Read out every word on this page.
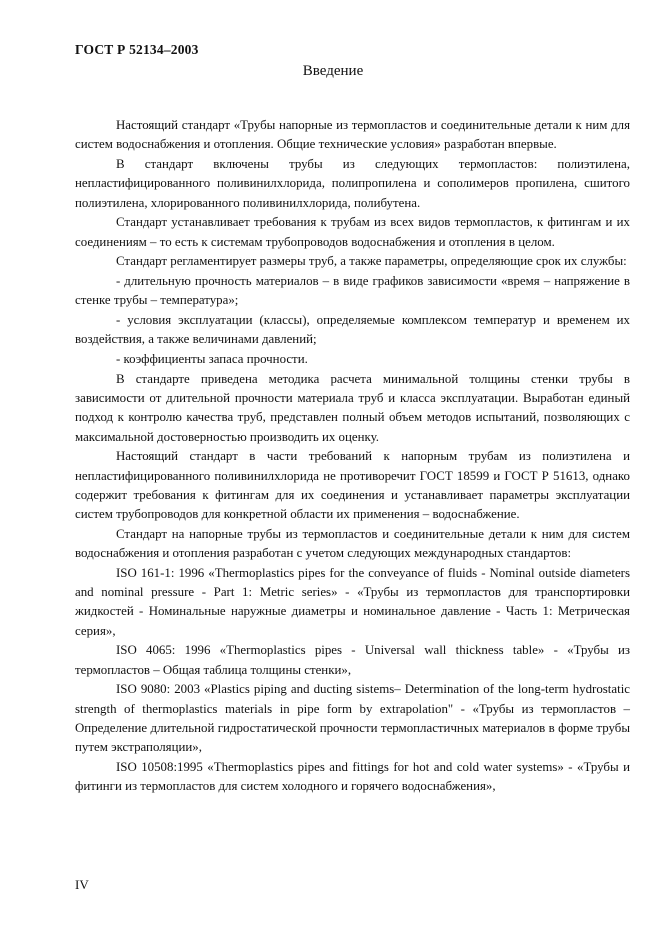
ГОСТ Р 52134–2003
Введение

Настоящий стандарт «Трубы напорные из термопластов и соединительные детали к ним для систем водоснабжения и отопления. Общие технические условия» разработан впервые.

В стандарт включены трубы из следующих термопластов: полиэтилена, непластифицированного поливинилхлорида, полипропилена и сополимеров пропилена, сшитого полиэтилена, хлорированного поливинилхлорида, полибутена.

Стандарт устанавливает требования к трубам из всех видов термопластов, к фитингам и их соединениям – то есть к системам трубопроводов водоснабжения и отопления в целом.

Стандарт регламентирует размеры труб, а также параметры, определяющие срок их службы:

- длительную прочность материалов – в виде графиков зависимости «время – напряжение в стенке трубы – температура»;

- условия эксплуатации (классы), определяемые комплексом температур и временем их воздействия, а также величинами давлений;

- коэффициенты запаса прочности.

В стандарте приведена методика расчета минимальной толщины стенки трубы в зависимости от длительной прочности материала труб и класса эксплуатации. Выработан единый подход к контролю качества труб, представлен полный объем методов испытаний, позволяющих с максимальной достоверностью производить их оценку.

Настоящий стандарт в части требований к напорным трубам из полиэтилена и непластифицированного поливинилхлорида не противоречит ГОСТ 18599 и ГОСТ Р 51613, однако содержит требования к фитингам для их соединения и устанавливает параметры эксплуатации систем трубопроводов для конкретной области их применения – водоснабжение.

Стандарт на напорные трубы из термопластов и соединительные детали к ним для систем водоснабжения и отопления разработан с учетом следующих международных стандартов:

ISO 161-1: 1996 «Thermoplastics pipes for the conveyance of fluids - Nominal outside diameters and nominal pressure - Part 1: Metric series» - «Трубы из термопластов для транспортировки жидкостей - Номинальные наружные диаметры и номинальное давление - Часть 1: Метрическая серия»,

ISO 4065: 1996 «Thermoplastics pipes - Universal wall thickness table» - «Трубы из термопластов – Общая таблица толщины стенки»,

ISO 9080: 2003 «Plastics piping and ducting sistems– Determination of the long-term hydrostatic strength of thermoplastics materials in pipe form by extrapolation" - «Трубы из термопластов – Определение длительной гидростатической прочности термопластичных материалов в форме трубы путем экстраполяции»,

ISO 10508:1995 «Thermoplastics pipes and fittings for hot and cold water systems» - «Трубы и фитинги из термопластов для систем холодного и горячего водоснабжения»,

IV
